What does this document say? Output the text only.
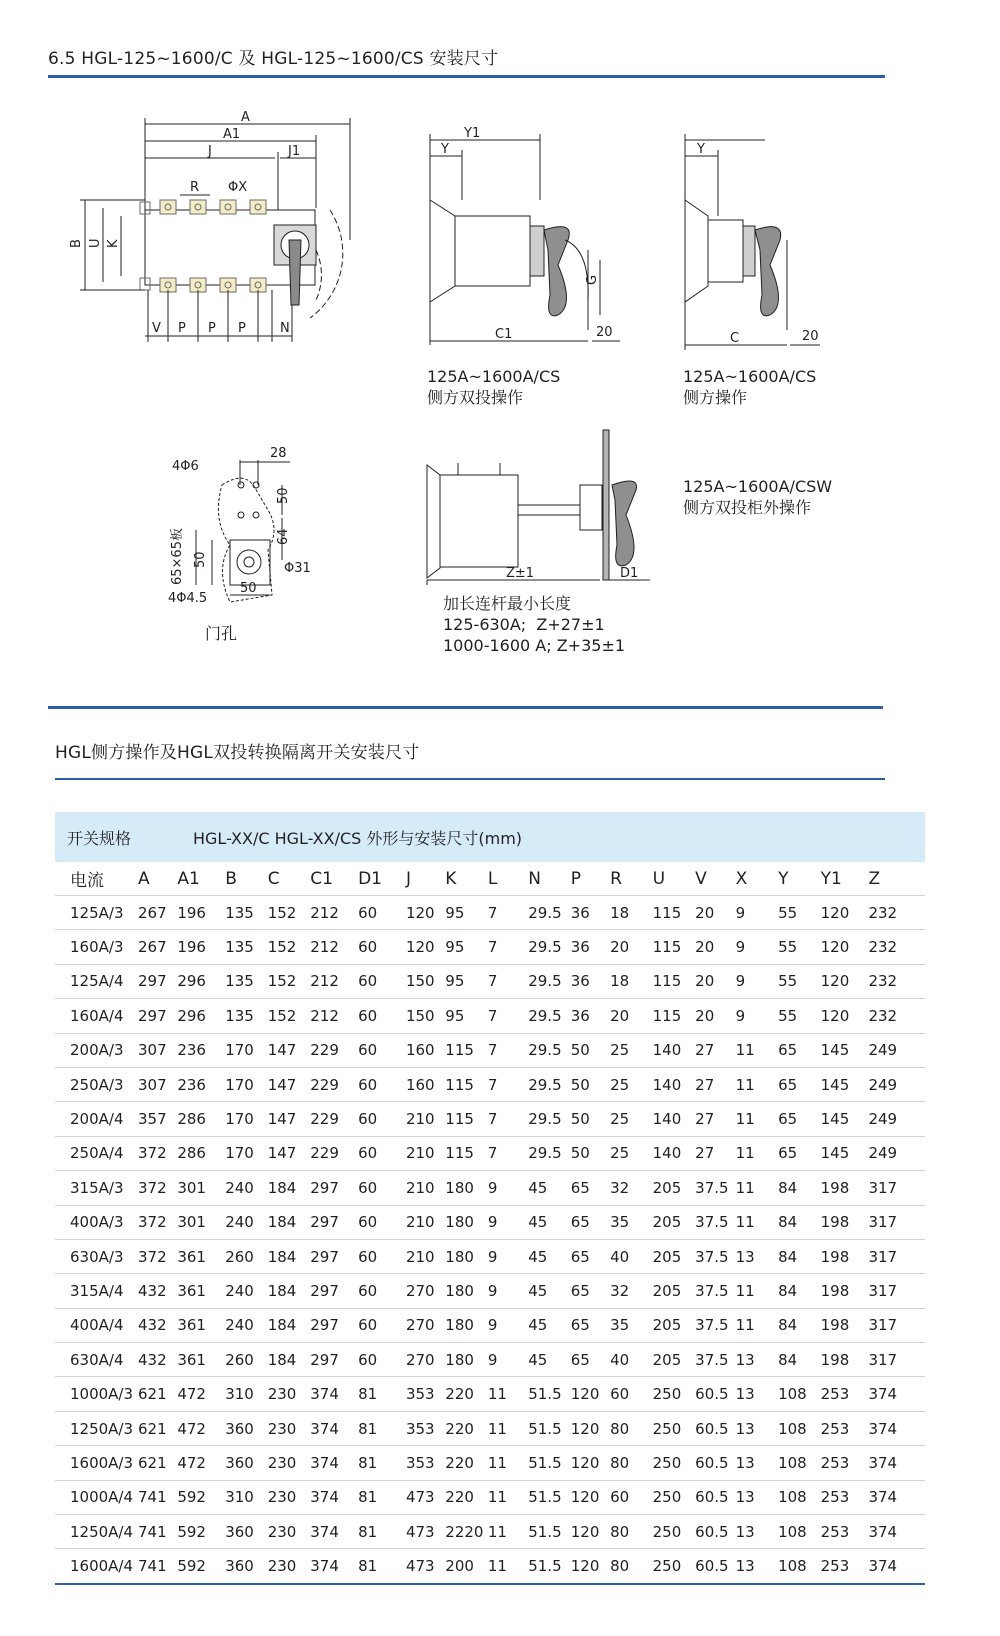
6.5 HGL-125~1600/C 及 HGL-125~1600/CS 安装尺寸
A
A1
J	J1
R ΦX
B U K
V P P P	N
Y1
Y
G
C1	20
Y
C	20
4Φ6
28
50
64
65×65板 50
Φ31
4Φ4.5
50
Z±1	D1
125A~1600A/CS
侧方双投操作
125A~1600A/CS
侧方操作
125A~1600A/CSW
侧方双投柜外操作
门孔
加长连杆最小长度
125-630A;  Z+27±1
1000-1600 A; Z+35±1
HGL侧方操作及HGL双投转换隔离开关安装尺寸
开关规格	HGL-XX/C HGL-XX/CS 外形与安装尺寸(mm)																	
电流	A	A1	B	C	C1	D1	J	K	L	N	P	R	U	V	X	Y	Y1	Z
125A/3	267	196	135	152	212	60	120	95	7	29.5	36	18	115	20	9	55	120	232
160A/3	267	196	135	152	212	60	120	95	7	29.5	36	20	115	20	9	55	120	232
125A/4	297	296	135	152	212	60	150	95	7	29.5	36	18	115	20	9	55	120	232
160A/4	297	296	135	152	212	60	150	95	7	29.5	36	20	115	20	9	55	120	232
200A/3	307	236	170	147	229	60	160	115	7	29.5	50	25	140	27	11	65	145	249
250A/3	307	236	170	147	229	60	160	115	7	29.5	50	25	140	27	11	65	145	249
200A/4	357	286	170	147	229	60	210	115	7	29.5	50	25	140	27	11	65	145	249
250A/4	372	286	170	147	229	60	210	115	7	29.5	50	25	140	27	11	65	145	249
315A/3	372	301	240	184	297	60	210	180	9	45	65	32	205	37.5	11	84	198	317
400A/3	372	301	240	184	297	60	210	180	9	45	65	35	205	37.5	11	84	198	317
630A/3	372	361	260	184	297	60	210	180	9	45	65	40	205	37.5	13	84	198	317
315A/4	432	361	240	184	297	60	270	180	9	45	65	32	205	37.5	11	84	198	317
400A/4	432	361	240	184	297	60	270	180	9	45	65	35	205	37.5	11	84	198	317
630A/4	432	361	260	184	297	60	270	180	9	45	65	40	205	37.5	13	84	198	317
1000A/3	621	472	310	230	374	81	353	220	11	51.5	120	60	250	60.5	13	108	253	374
1250A/3	621	472	360	230	374	81	353	220	11	51.5	120	80	250	60.5	13	108	253	374
1600A/3	621	472	360	230	374	81	353	220	11	51.5	120	80	250	60.5	13	108	253	374
1000A/4	741	592	310	230	374	81	473	220	11	51.5	120	60	250	60.5	13	108	253	374
1250A/4	741	592	360	230	374	81	473	2220	11	51.5	120	80	250	60.5	13	108	253	374
1600A/4	741	592	360	230	374	81	473	200	11	51.5	120	80	250	60.5	13	108	253	374
